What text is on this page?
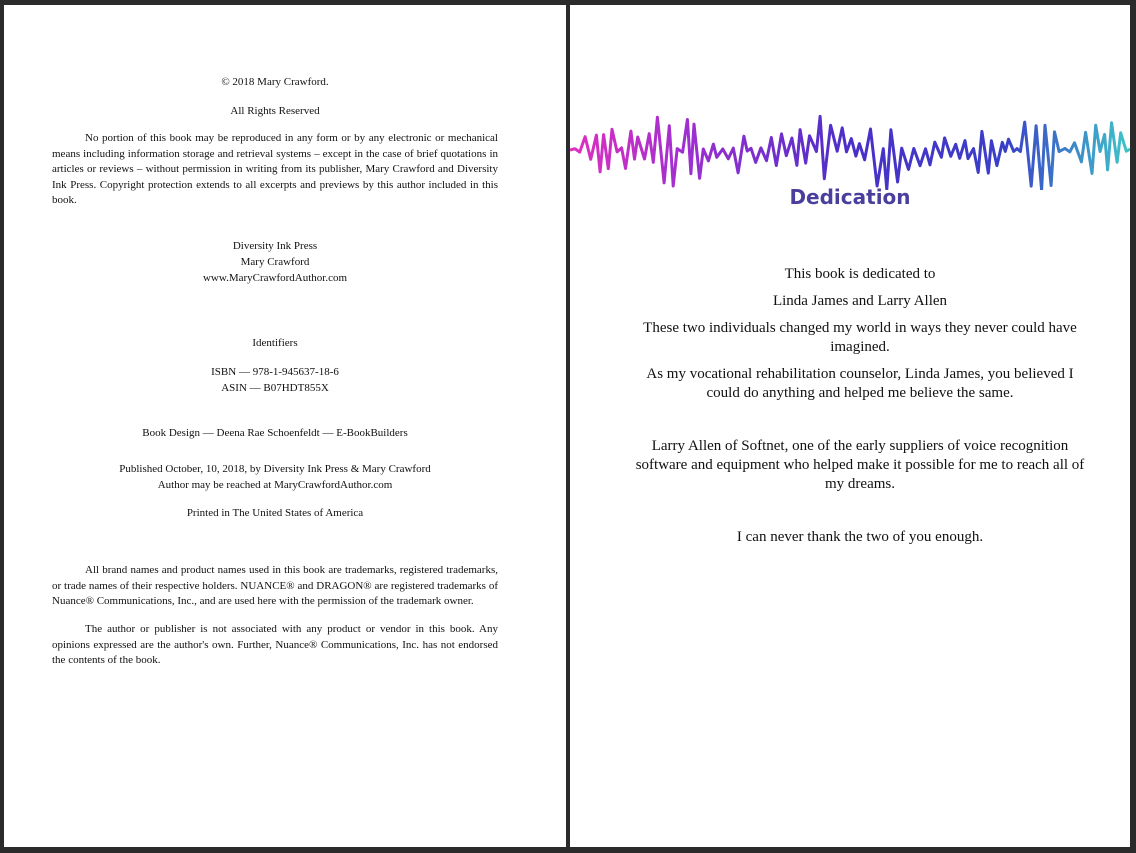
© 2018 Mary Crawford.

All Rights Reserved

No portion of this book may be reproduced in any form or by any electronic or mechanical means including information storage and retrieval systems – except in the case of brief quotations in articles or reviews – without permission in writing from its publisher, Mary Crawford and Diversity Ink Press. Copyright protection extends to all excerpts and previews by this author included in this book.

Diversity Ink Press

Mary Crawford

www.MaryCrawfordAuthor.com

Identifiers

ISBN — 978-1-945637-18-6

ASIN — B07HDT855X

Book Design — Deena Rae Schoenfeldt — E-BookBuilders

Published October, 10, 2018, by Diversity Ink Press & Mary Crawford

Author may be reached at MaryCrawfordAuthor.com

Printed in The United States of America

All brand names and product names used in this book are trademarks, registered trademarks, or trade names of their respective holders. NUANCE® and DRAGON® are registered trademarks of Nuance® Communications, Inc., and are used here with the permission of the trademark owner.

The author or publisher is not associated with any product or vendor in this book. Any opinions expressed are the author's own. Further, Nuance® Communications, Inc. has not endorsed the contents of the book.

Dedication

This book is dedicated to

Linda James and Larry Allen

These two individuals changed my world in ways they never could have imagined.

As my vocational rehabilitation counselor, Linda James, you believed I could do anything and helped me believe the same.

Larry Allen of Softnet, one of the early suppliers of voice recognition software and equipment who helped make it possible for me to reach all of my dreams.

I can never thank the two of you enough.
